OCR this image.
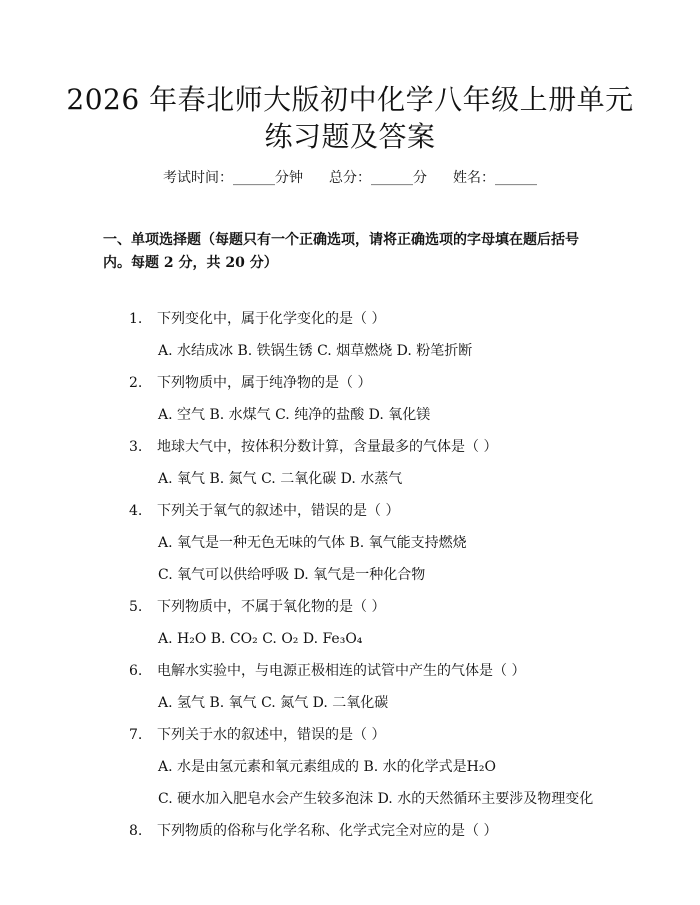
2026 年春北师大版初中化学八年级上册单元
练习题及答案
考试时间：______分钟 总分：______分 姓名：______
一、单项选择题（每题只有一个正确选项，请将正确选项的字母填在题后括号
内。每题 2 分，共 20 分）
1. 下列变化中，属于化学变化的是（ ）
A. 水结成冰 B. 铁锅生锈 C. 烟草燃烧 D. 粉笔折断
2. 下列物质中，属于纯净物的是（ ）
A. 空气 B. 水煤气 C. 纯净的盐酸 D. 氧化镁
3. 地球大气中，按体积分数计算，含量最多的气体是（ ）
A. 氧气 B. 氮气 C. 二氧化碳 D. 水蒸气
4. 下列关于氧气的叙述中，错误的是（ ）
A. 氧气是一种无色无味的气体 B. 氧气能支持燃烧
C. 氧气可以供给呼吸 D. 氧气是一种化合物
5. 下列物质中，不属于氧化物的是（ ）
A. H₂O B. CO₂ C. O₂ D. Fe₃O₄
6. 电解水实验中，与电源正极相连的试管中产生的气体是（ ）
A. 氢气 B. 氧气 C. 氮气 D. 二氧化碳
7. 下列关于水的叙述中，错误的是（ ）
A. 水是由氢元素和氧元素组成的 B. 水的化学式是H₂O
C. 硬水加入肥皂水会产生较多泡沫 D. 水的天然循环主要涉及物理变化
8. 下列物质的俗称与化学名称、化学式完全对应的是（ ）
